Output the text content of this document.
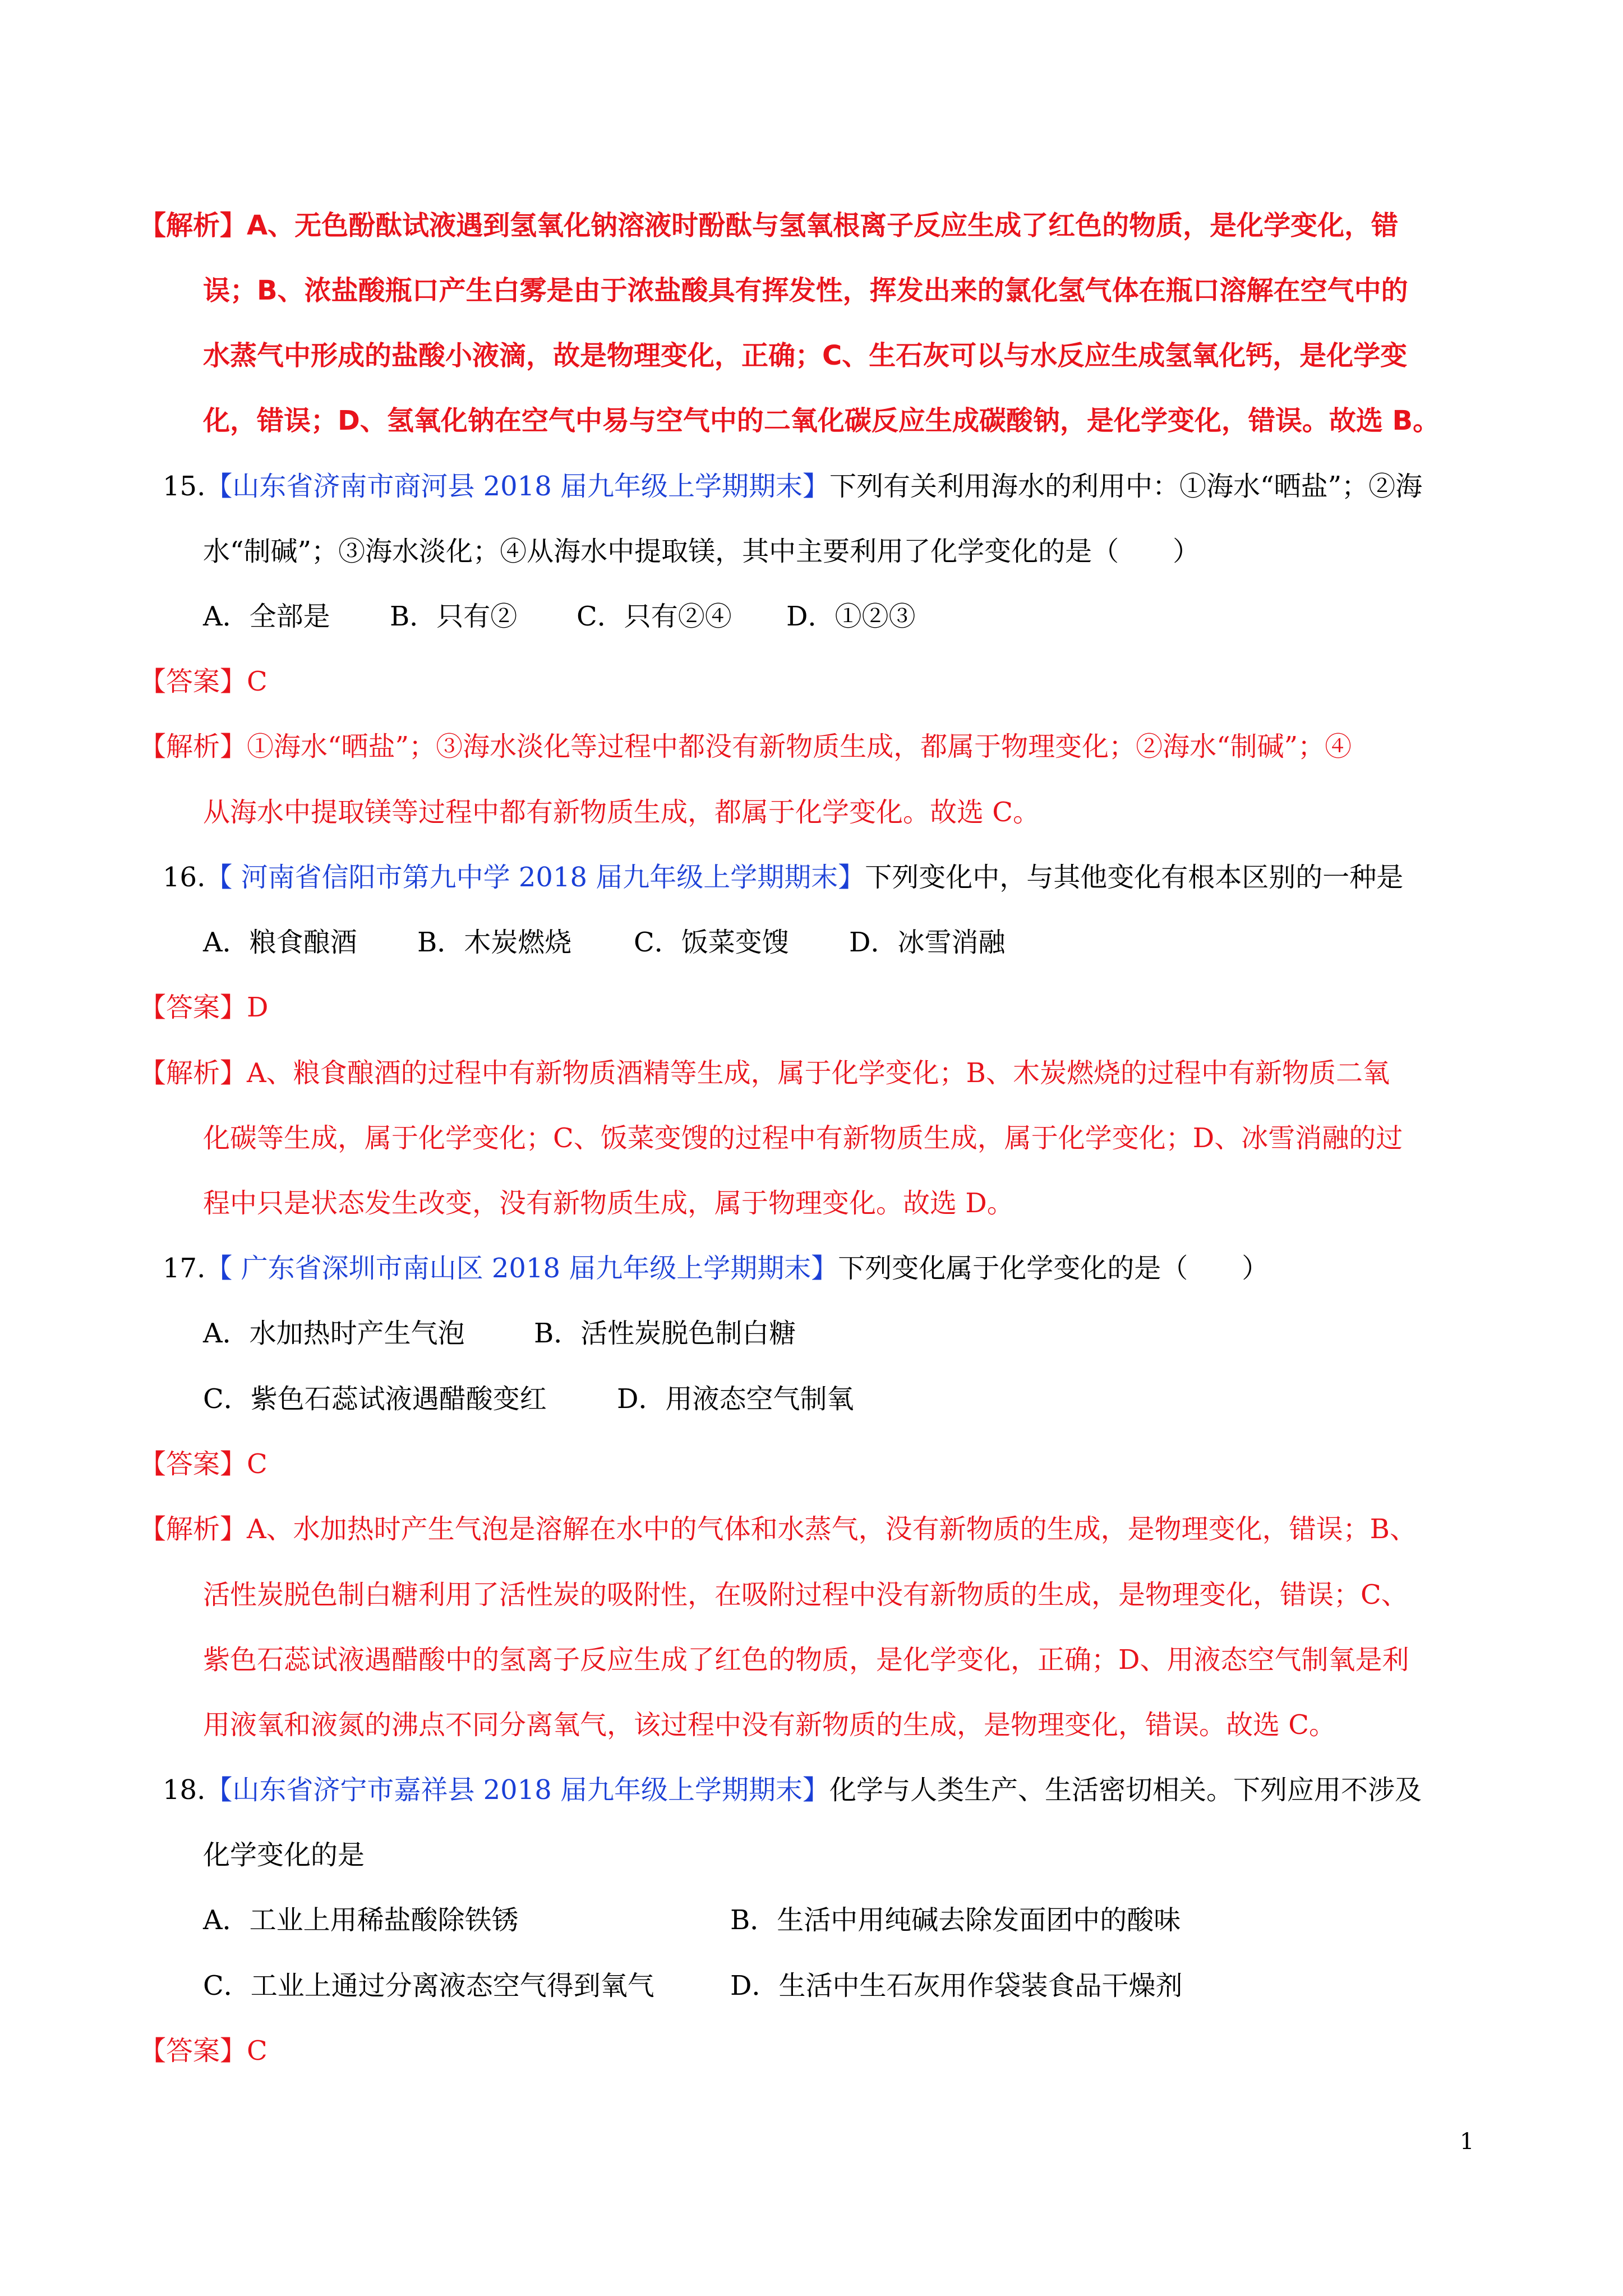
【解析】A、无色酚酞试液遇到氢氧化钠溶液时酚酞与氢氧根离子反应生成了红色的物质，是化学变化，错
误；B、浓盐酸瓶口产生白雾是由于浓盐酸具有挥发性，挥发出来的氯化氢气体在瓶口溶解在空气中的
水蒸气中形成的盐酸小液滴，故是物理变化，正确；C、生石灰可以与水反应生成氢氧化钙，是化学变
化，错误；D、氢氧化钠在空气中易与空气中的二氧化碳反应生成碳酸钠，是化学变化，错误。故选 B。
15.【山东省济南市商河县 2018 届九年级上学期期末】下列有关利用海水的利用中：①海水“晒盐”；②海
水“制碱”；③海水淡化；④从海水中提取镁，其中主要利用了化学变化的是（　　）
A．全部是 B．只有② C．只有②④ D．①②③
【答案】C
【解析】①海水“晒盐”；③海水淡化等过程中都没有新物质生成，都属于物理变化；②海水“制碱”；④
从海水中提取镁等过程中都有新物质生成，都属于化学变化。故选 C。
16.【 河南省信阳市第九中学 2018 届九年级上学期期末】下列变化中，与其他变化有根本区别的一种是
A．粮食酿酒 B．木炭燃烧 C．饭菜变馊 D．冰雪消融
【答案】D
【解析】A、粮食酿酒的过程中有新物质酒精等生成，属于化学变化；B、木炭燃烧的过程中有新物质二氧
化碳等生成，属于化学变化；C、饭菜变馊的过程中有新物质生成，属于化学变化；D、冰雪消融的过
程中只是状态发生改变，没有新物质生成，属于物理变化。故选 D。
17.【 广东省深圳市南山区 2018 届九年级上学期期末】下列变化属于化学变化的是（　　）
A．水加热时产生气泡	B．活性炭脱色制白糖
C．紫色石蕊试液遇醋酸变红	D．用液态空气制氧
【答案】C
【解析】A、水加热时产生气泡是溶解在水中的气体和水蒸气，没有新物质的生成，是物理变化，错误；B、
活性炭脱色制白糖利用了活性炭的吸附性，在吸附过程中没有新物质的生成，是物理变化，错误；C、
紫色石蕊试液遇醋酸中的氢离子反应生成了红色的物质，是化学变化，正确；D、用液态空气制氧是利
用液氧和液氮的沸点不同分离氧气，该过程中没有新物质的生成，是物理变化，错误。故选 C。
18.【山东省济宁市嘉祥县 2018 届九年级上学期期末】化学与人类生产、生活密切相关。下列应用不涉及
化学变化的是
A．工业上用稀盐酸除铁锈	B．生活中用纯碱去除发面团中的酸味
C．工业上通过分离液态空气得到氧气	D．生活中生石灰用作袋装食品干燥剂
【答案】C
1
